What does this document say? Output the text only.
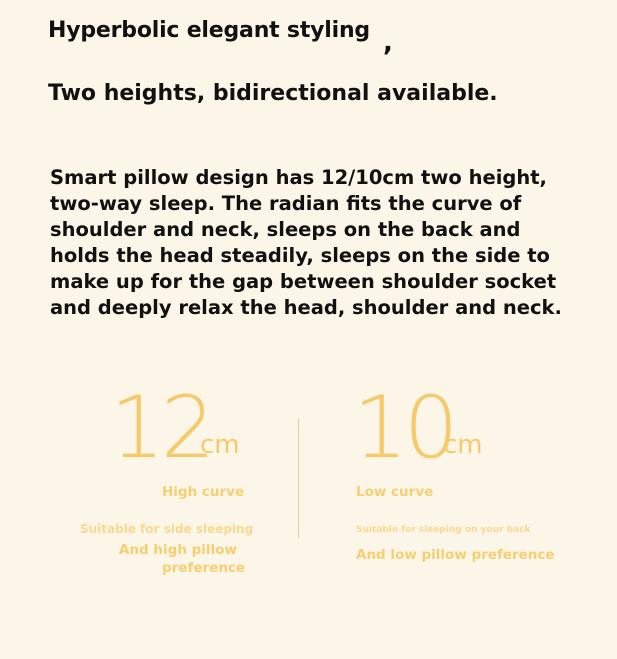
Hyperbolic elegant styling ,
Two heights, bidirectional available.
Smart pillow design has 12/10cm two height, two-way sleep. The radian fits the curve of shoulder and neck, sleeps on the back and holds the head steadily, sleeps on the side to make up for the gap between shoulder socket and deeply relax the head, shoulder and neck.
12
cm
High curve
Suitable for side sleeping
And high pillow
preference
10
cm
Low curve
Suitable for sleeping on your back
And low pillow preference
